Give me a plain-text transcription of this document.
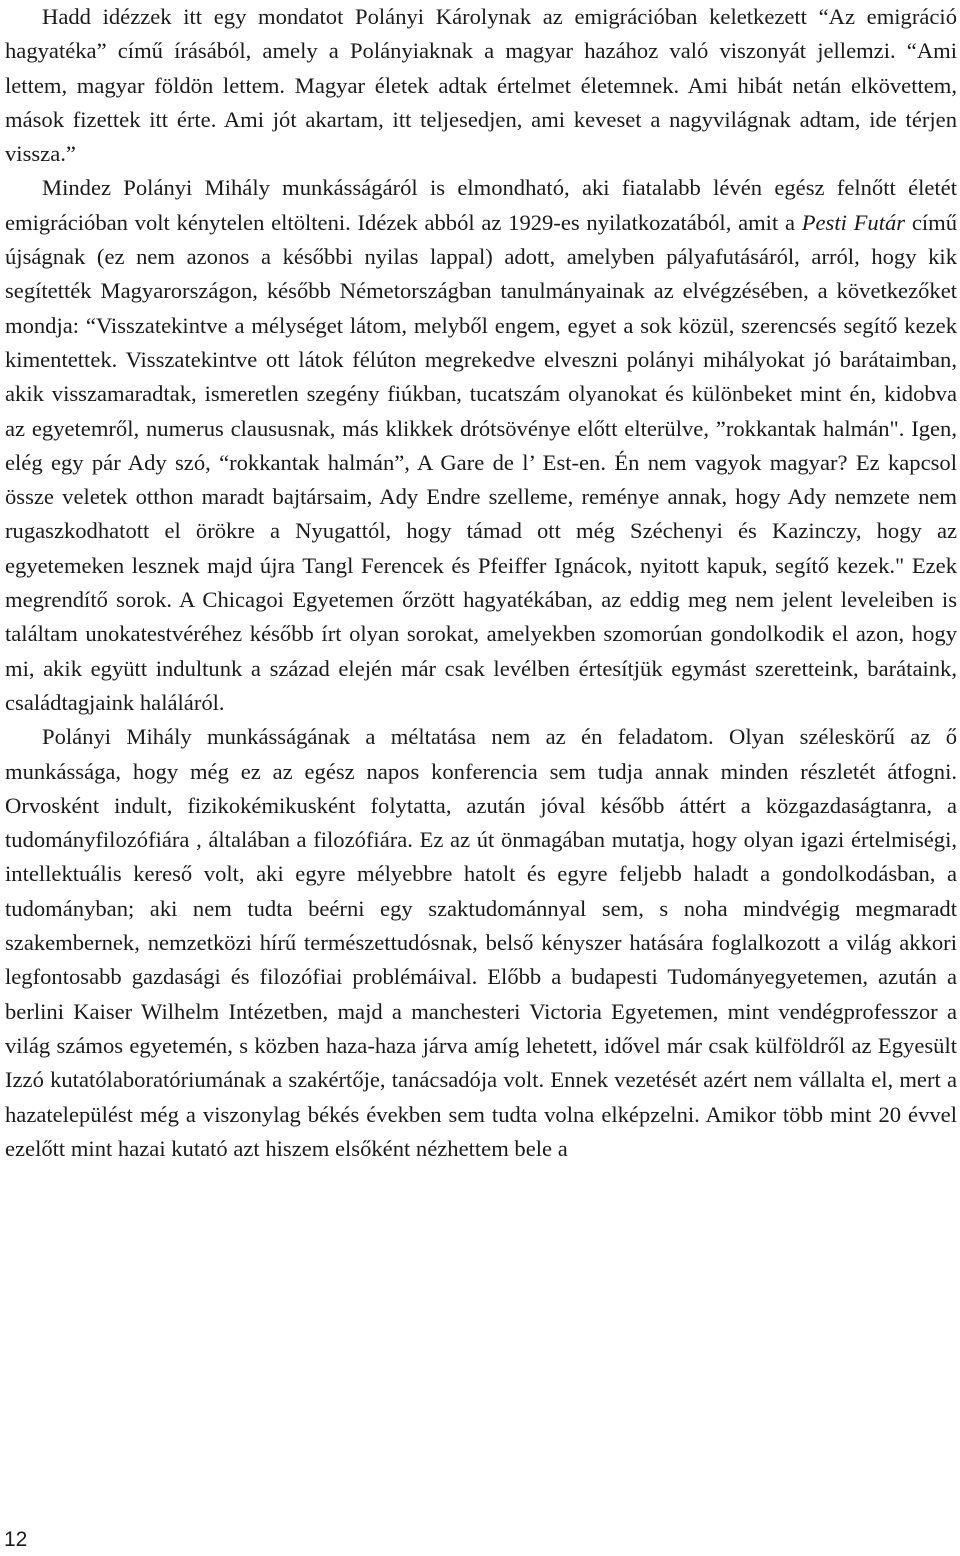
Hadd idézzek itt egy mondatot Polányi Károlynak az emigrációban keletkezett “Az emigráció hagyatéka” című írásából, amely a Polányiaknak a magyar hazához való viszonyát jellemzi. “Ami lettem, magyar földön lettem. Magyar életek adtak értelmet életemnek. Ami hibát netán elkövettem, mások fizettek itt érte. Ami jót akartam, itt teljesedjen, ami keveset a nagyvilágnak adtam, ide térjen vissza.”

Mindez Polányi Mihály munkásságáról is elmondható, aki fiatalabb lévén egész felnőtt életét emigrációban volt kénytelen eltölteni. Idézek abból az 1929-es nyilatkozatából, amit a Pesti Futár című újságnak (ez nem azonos a későbbi nyilas lappal) adott, amelyben pályafutásáról, arról, hogy kik segítették Magyarországon, később Németországban tanulmányainak az elvégzésében, a következőket mondja: “Visszatekintve a mélységet látom, melyből engem, egyet a sok közül, szerencsés segítő kezek kimentettek. Visszatekintve ott látok félúton megrekedve elveszni polányi mihályokat jó barátaimban, akik visszamaradtak, ismeretlen szegény fiúkban, tucatszám olyanokat és különbeket mint én, kidobva az egyetemről, numerus claususnak, más klikkek drótsövénye előtt elterülve, ”rokkantak halmán". Igen, elég egy pár Ady szó, “rokkantak halmán”, A Gare de l’ Est-en. Én nem vagyok magyar? Ez kapcsol össze veletek otthon maradt bajtársaim, Ady Endre szelleme, reménye annak, hogy Ady nemzete nem rugaszkodhatott el örökre a Nyugattól, hogy támad ott még Széchenyi és Kazinczy, hogy az egyetemeken lesznek majd újra Tangl Ferencek és Pfeiffer Ignácok, nyitott kapuk, segítő kezek." Ezek megrendítő sorok. A Chicagoi Egyetemen őrzött hagyatékában, az eddig meg nem jelent leveleiben is találtam unokatestvéréhez később írt olyan sorokat, amelyekben szomorúan gondolkodik el azon, hogy mi, akik együtt indultunk a század elején már csak levélben értesítjük egymást szeretteink, barátaink, családtagjaink haláláról.

Polányi Mihály munkásságának a méltatása nem az én feladatom. Olyan széleskörű az ő munkássága, hogy még ez az egész napos konferencia sem tudja annak minden részletét átfogni. Orvosként indult, fizikokémikusként folytatta, azután jóval később áttért a közgazdaságtanra, a tudományfilozófiára , általában a filozófiára. Ez az út önmagában mutatja, hogy olyan igazi értelmiségi, intellektuális kereső volt, aki egyre mélyebbre hatolt és egyre feljebb haladt a gondolkodásban, a tudományban; aki nem tudta beérni egy szaktudománnyal sem, s noha mindvégig megmaradt szakembernek, nemzetközi hírű természettudósnak, belső kényszer hatására foglalkozott a világ akkori legfontosabb gazdasági és filozófiai problémáival. Előbb a budapesti Tudományegyetemen, azután a berlini Kaiser Wilhelm Intézetben, majd a manchesteri Victoria Egyetemen, mint vendégprofesszor a világ számos egyetemén, s közben haza-haza járva amíg lehetett, idővel már csak külföldről az Egyesült Izzó kutatólaboratóriumának a szakértője, tanácsadója volt. Ennek vezetését azért nem vállalta el, mert a hazatelepülést még a viszonylag békés években sem tudta volna elképzelni. Amikor több mint 20 évvel ezelőtt mint hazai kutató azt hiszem elsőként nézhettem bele a

12
